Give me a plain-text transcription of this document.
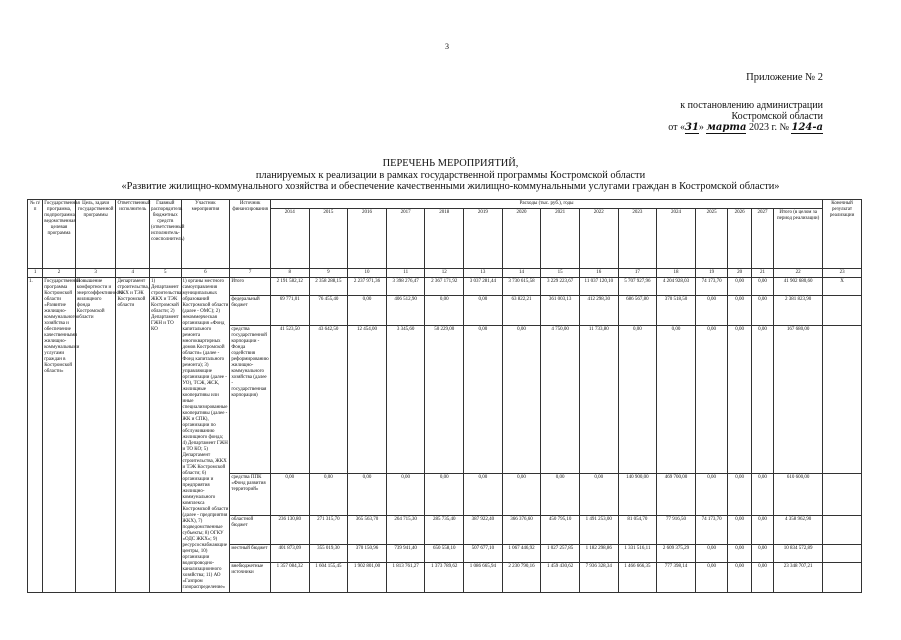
3
Приложение № 2
к постановлению администрации
Костромской области
от «31» марта 2023 г. № 124-а
ПЕРЕЧЕНЬ МЕРОПРИЯТИЙ,
планируемых к реализации в рамках государственной программы Костромской области
«Развитие жилищно-коммунального хозяйства и обеспечение качественными жилищно-коммунальными услугами граждан в Костромской области»
№ п/п	Государственная программа, подпрограмма, ведомственная целевая программа	Цель, задачи государственной программы	Ответственный исполнитель	Главный распорядитель бюджетных средств (ответственный исполнитель-соисполнитель)	Участник мероприятия	Источник финансирования	Расходы (тыс. руб.), годы															Конечный результат реализации
							2014	2015	2016	2017	2018	2019	2020	2021	2022	2023	2024	2025	2026	2027	Итого (в целом за период реализации)	
1	2	3	4	5	6	7	8	9	10	11	12	13	14	15	16	17	18	19	20	21	22	23
1.	Государственная программа Костромской области «Развитие жилищно-коммунального хозяйства и обеспечение качественными жилищно-коммунальными услугами граждан в Костромской области»	Повышение комфортности и энергоэффективности жилищного фонда Костромской области	Департамент строительства, ЖКХ и ТЭК Костромской области	1) Департамент строительства, ЖКХ и ТЭК Костромской области; 2) Департамент ГЖН и ТО КО	1) органы местного самоуправления муниципальных образований Костромской области (далее - ОМС); 2) некоммерческая организация «Фонд капитального ремонта многоквартирных домов Костромской области» (далее - Фонд капитального ремонта); 3) управляющие организации (далее - УО), ТСЖ, ЖСК, жилищные кооперативы или иные специализированные кооперативы (далее - ЖК и СПК), организации по обслуживанию жилищного фонда; 4) Департамент ГЖН и ТО КО; 5) Департамент строительства, ЖКХ и ТЭК Костромской области; 6) организации и предприятия жилищно-коммунального комплекса Костромской области (далее - предприятия ЖКХ), 7) подведомственные субъекты; 8) ОГКУ «ОДС ЖКХ»; 9) ресурсоснабжающие центры, 10) организации водопроводно-канализационного хозяйства; 11) АО «Газпром газораспределение»	Итого	2 191 582,12	2 358 288,15	2 237 971,36	3 398 276,47	2 367 171,92	3 037 281,44	3 730 615,58	3 229 223,67	11 037 120,10	5 707 927,96	4 204 928,03	74 173,70	0,00	0,00	41 902 680,60	Х
						федеральный бюджет	69 771,01	76 455,40	0,00	406 512,90	0,00	0,00	63 822,21	361 003,13	412 298,30	686 567,80	370 518,50	0,00	0,00	0,00	2 381 823,90	
						средства государственной корпорации - Фонда содействия реформированию жилищно-коммунального хозяйства (далее - государственная корпорация)	41 523,50	43 642,50	12 454,00	3 345,60	50 229,00	0,00	0,00	4 750,00	11 733,80	0,00	0,00	0,00	0,00	0,00	167 680,00	
						средства ППК «Фонд развития территорий»	0,00	0,00	0,00	0,00	0,00	0,00	0,00	0,00	0,00	140 900,00	469 700,00	0,00	0,00	0,00	610 600,00	
						областной бюджет	236 130,80	271 315,70	365 563,70	264 715,30	285 735,40	387 922,40	366 376,60	450 795,10	1 491 253,00	81 054,70	77 916,50	74 173,70	0,00	0,00	4 358 962,90	
						местный бюджет	401 873,09	355 019,30	370 150,96	739 941,40	650 558,10	507 677,10	1 067 446,92	1 027 257,85	1 182 298,86	1 331 516,11	2 609 375,29	0,00	0,00	0,00	10 834 572,89	
						внебюджетные источники	1 357 084,32	1 604 155,45	1 902 801,00	1 813 761,27	1 373 789,62	1 086 665,94	2 230 790,16	1 459 430,62	7 936 328,34	1 466 666,35	777 398,14	0,00	0,00	0,00	23 348 707,21	
